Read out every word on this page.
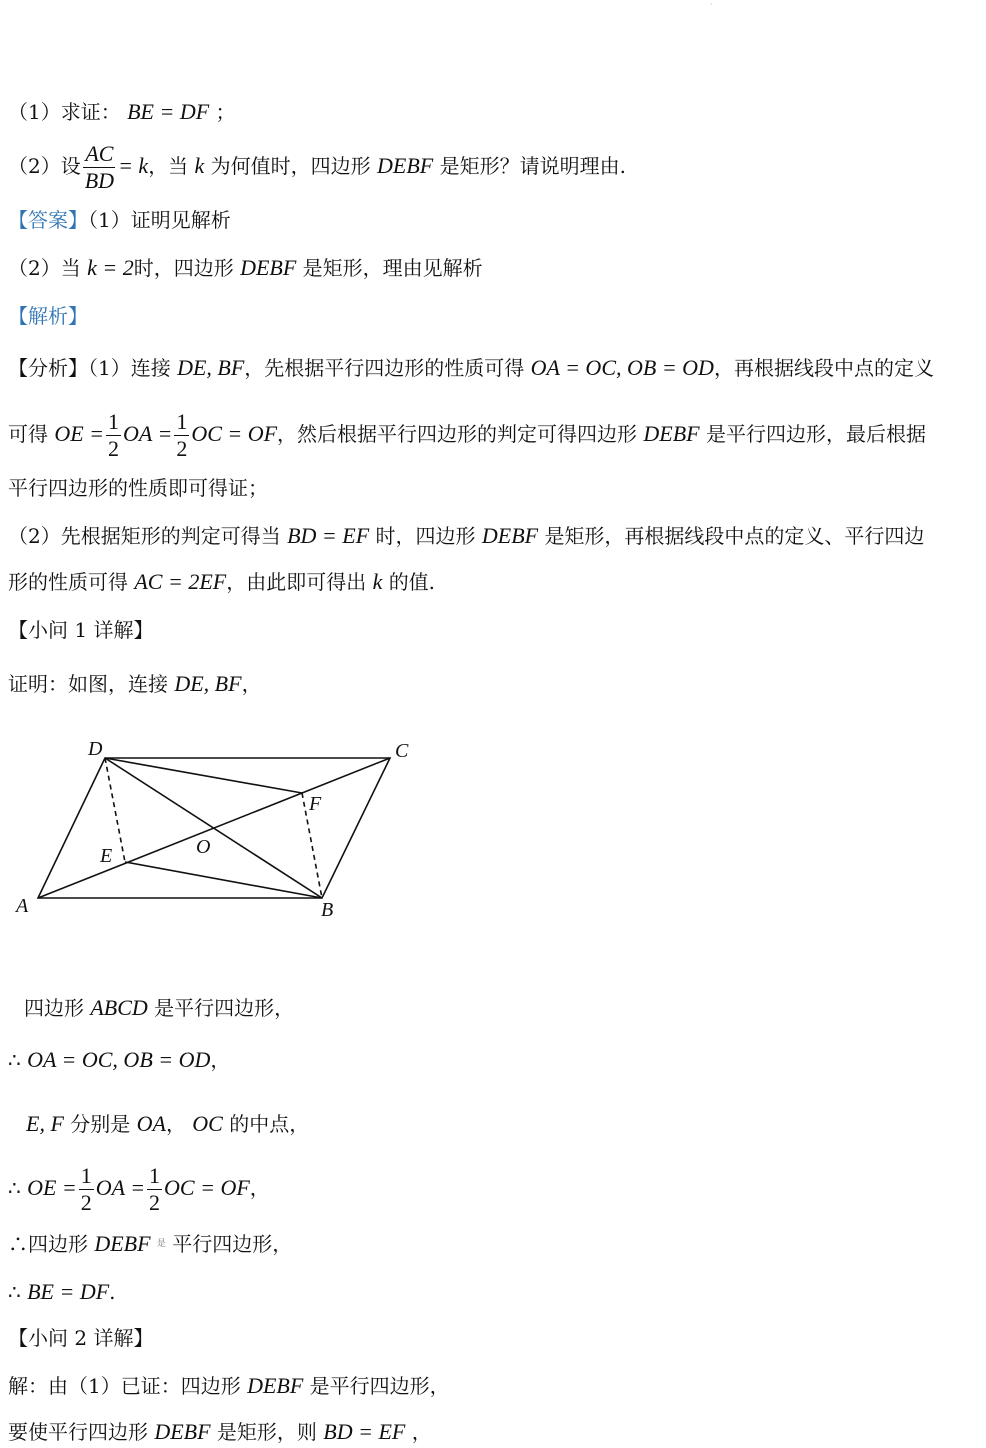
·
（1）求证： BE = DF ；
（2）设 $\frac{AC}{BD} = k$，当 k 为何值时，四边形 DEBF 是矩形？请说明理由.
【答案】（1）证明见解析
（2）当 k = 2时，四边形 DEBF 是矩形，理由见解析
【解析】
【分析】（1）连接 DE, BF，先根据平行四边形的性质可得 OA = OC, OB = OD，再根据线段中点的定义
可得 OE = $\frac{1}{2}$ OA = $\frac{1}{2}$ OC = OF，然后根据平行四边形的判定可得四边形 DEBF 是平行四边形，最后根据
平行四边形的性质即可得证；
（2）先根据矩形的判定可得当 BD = EF 时，四边形 DEBF 是矩形，再根据线段中点的定义、平行四边
形的性质可得 AC = 2EF，由此即可得出 k 的值.
【小问 1 详解】
证明：如图，连接 DE, BF，
A	B
C
D
E
F
O
四边形 ABCD 是平行四边形，
∴ OA = OC, OB = OD，
E, F 分别是 OA， OC 的中点，
∴ OE = $\frac{1}{2}$ OA = $\frac{1}{2}$ OC = OF，
∴四边形 DEBF $^是$ 平行四边形，
∴ BE = DF.
【小问 2 详解】
解：由（1）已证：四边形 DEBF 是平行四边形，
要使平行四边形 DEBF 是矩形，则 BD = EF ，
